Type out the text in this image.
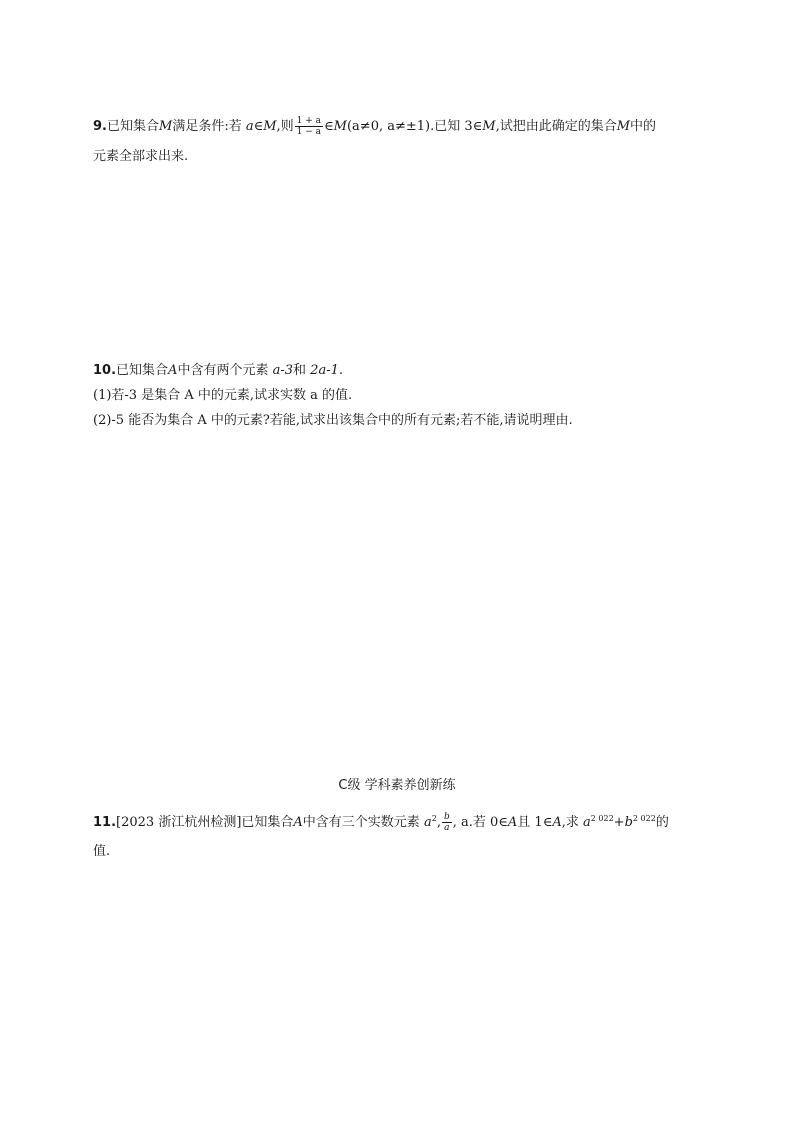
9.已知集合M满足条件:若 a∈M,则 $\frac{1 + a}{1 - a}$ ∈M(a≠0, a≠±1).已知 3∈M,试把由此确定的集合M中的
元素全部求出来.
10.已知集合A中含有两个元素 a-3和 2a-1.
(1)若-3 是集合 A 中的元素,试求实数 a 的值.
(2)-5 能否为集合 A 中的元素?若能,试求出该集合中的所有元素;若不能,请说明理由.
C级 学科素养创新练
11.[2023 浙江杭州检测]已知集合A中含有三个实数元素 $a^2$, $\frac{b}{a}$ , a.若 0∈A且 1∈A,求 $a^{2 022}+b^{2 022}$的
值.
